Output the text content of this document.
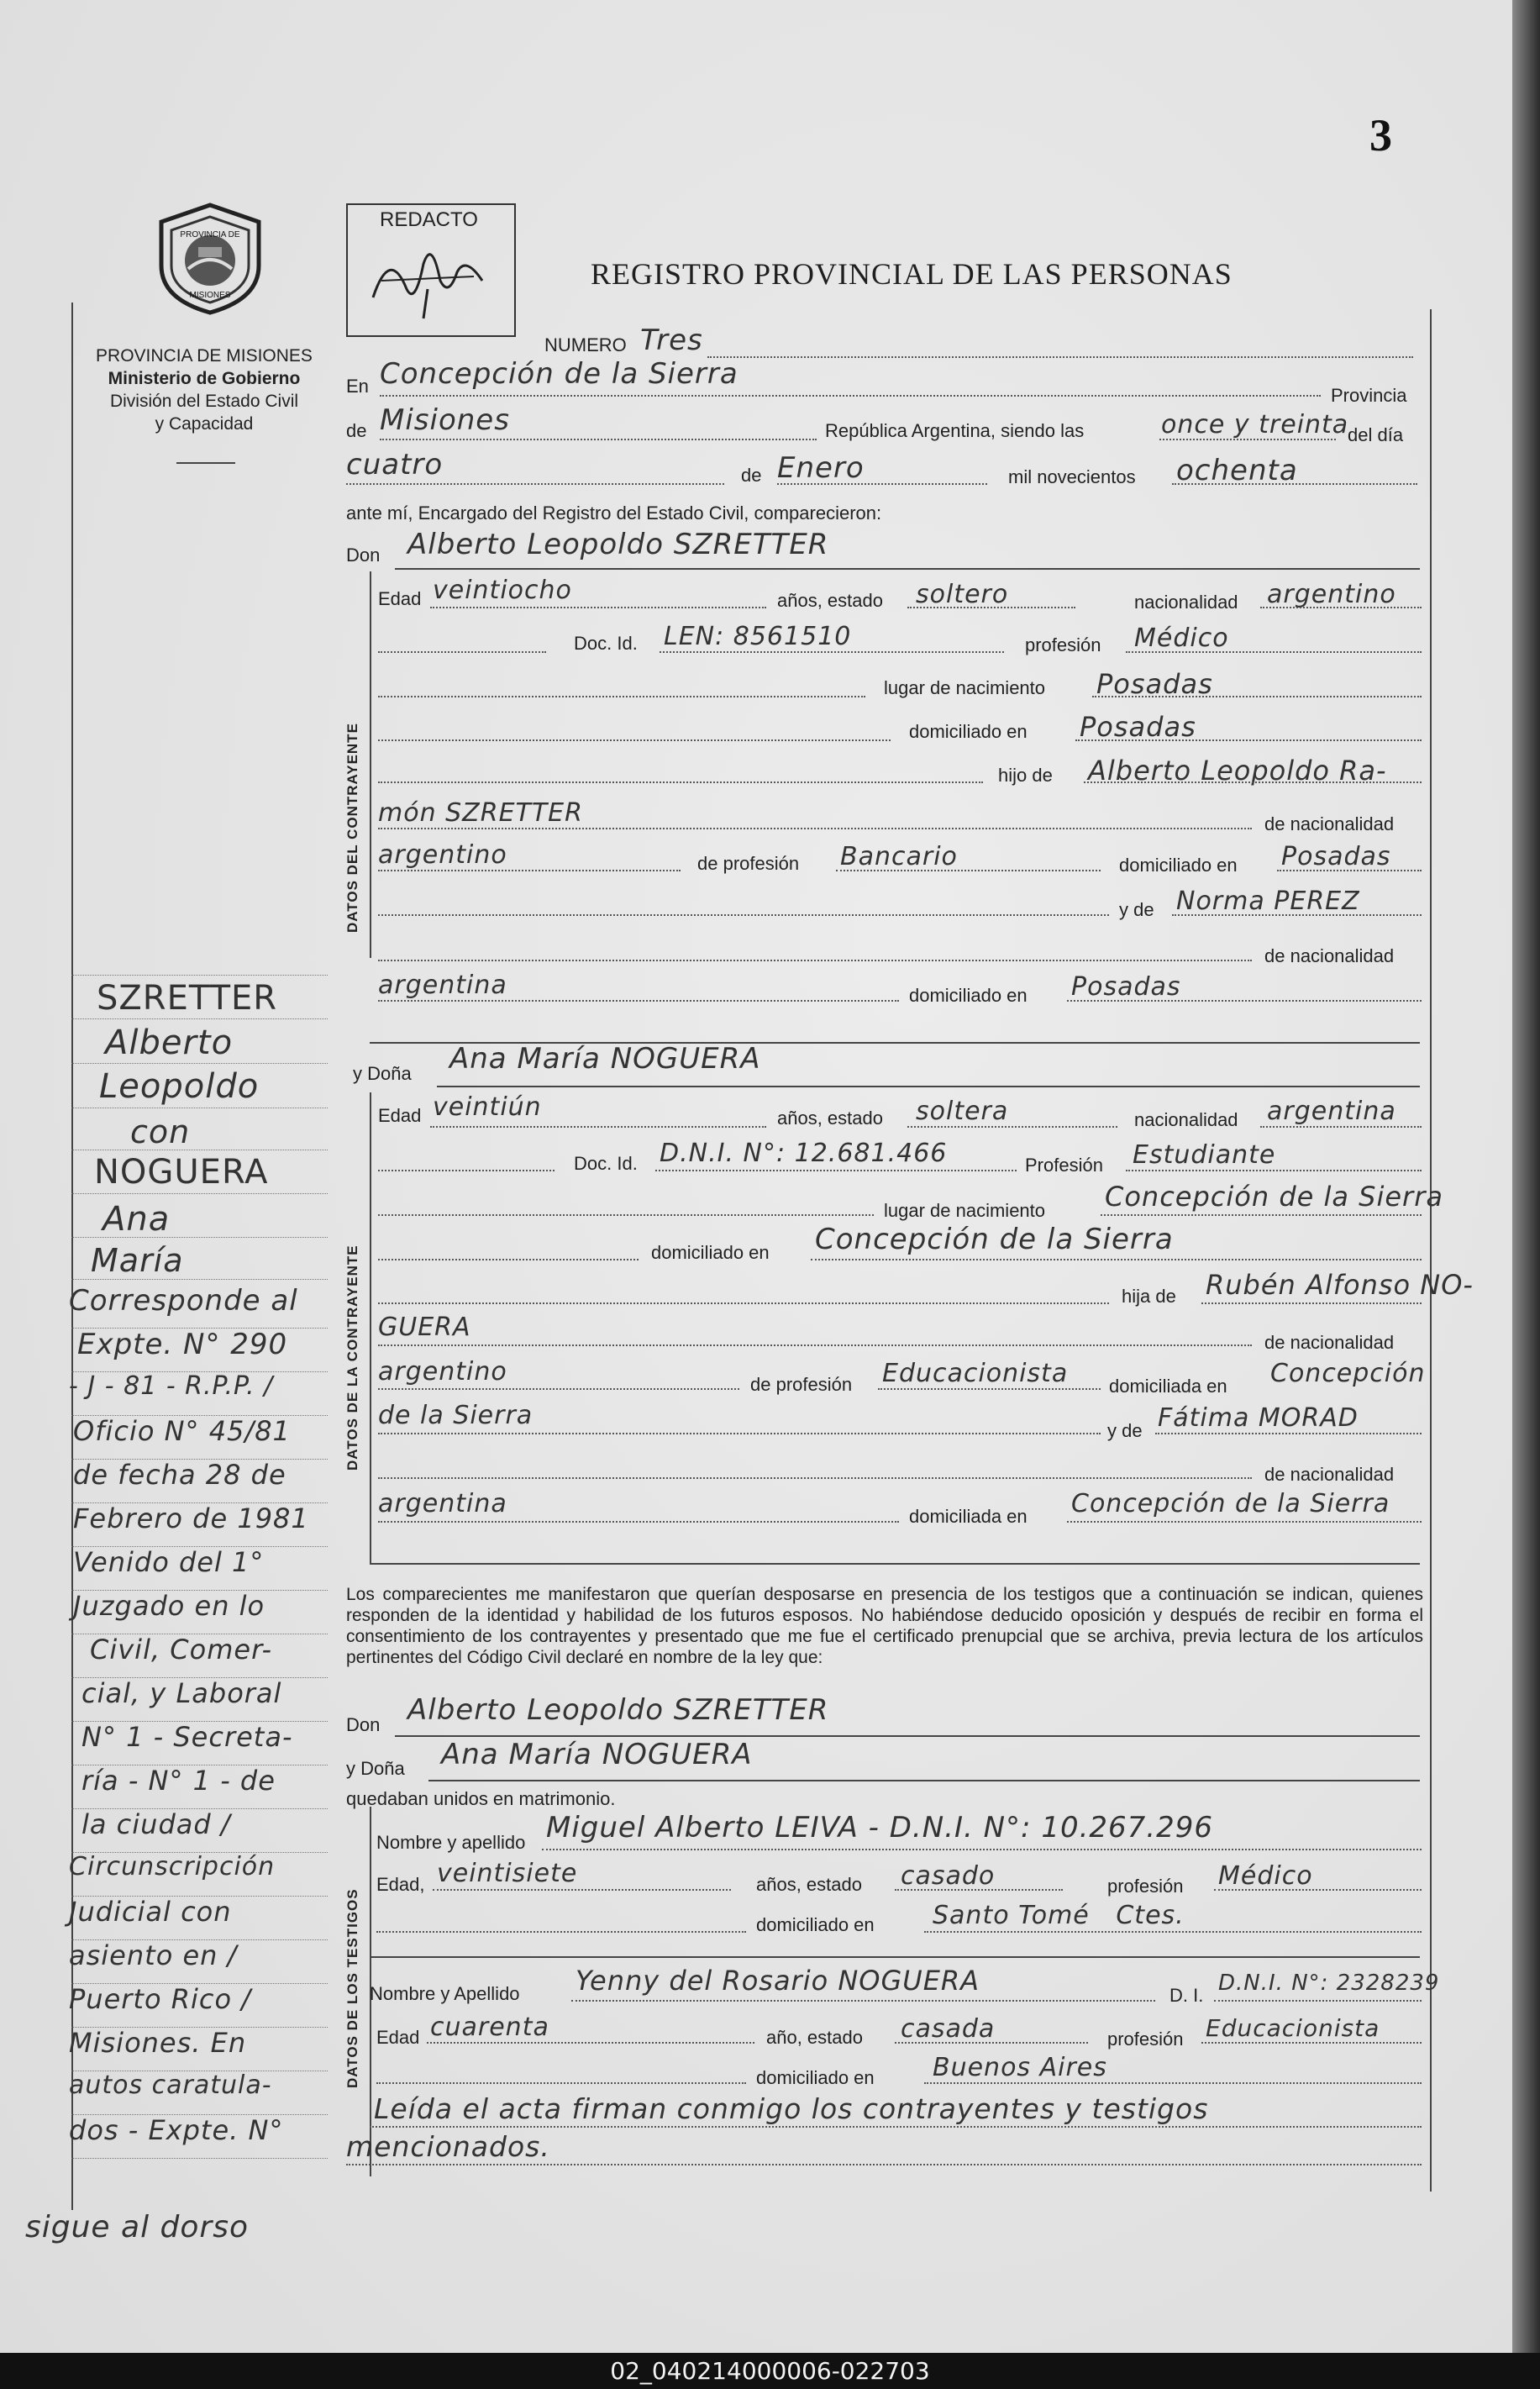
3
PROVINCIA DE
MISIONES
PROVINCIA DE MISIONES
Ministerio de Gobierno
División del Estado Civil
y Capacidad
REDACTO
REGISTRO PROVINCIAL DE LAS PERSONAS
NUMERO Tres
En Concepción de la Sierra
Provincia
de Misiones	República Argentina, siendo las	once y treinta
del día
cuatro	de Enero	mil novecientos ochenta
ante mí, Encargado del Registro del Estado Civil, comparecieron:
Don Alberto Leopoldo SZRETTER
DATOS DEL CONTRAYENTE
Edad veintiocho	años, estado soltero	nacionalidad argentino
Doc. Id. LEN: 8561510	profesión Médico
lugar de nacimiento Posadas
domiciliado en Posadas
hijo de Alberto Leopoldo Ra-
món SZRETTER	de nacionalidad
argentino	de profesión Bancario	domiciliado en Posadas
y de Norma PEREZ
de nacionalidad
argentina	domiciliado en Posadas
y Doña Ana María NOGUERA
DATOS DE LA CONTRAYENTE
Edad veintiún	años, estado soltera	nacionalidad argentina
Doc. Id. D.N.I. N°: 12.681.466	Profesión Estudiante
lugar de nacimiento Concepción de la Sierra
domiciliado en Concepción de la Sierra
hija de Rubén Alfonso NO-
GUERA
de nacionalidad
argentino	de profesión Educacionista domiciliada en Concepción
de la Sierra
y de Fátima MORAD
de nacionalidad
argentina	domiciliada en Concepción de la Sierra
Los comparecientes me manifestaron que querían desposarse en presencia de los testigos que a continuación se indican, quienes responden de la identidad y habilidad de los futuros esposos. No habiéndose deducido oposición y después de recibir en forma el consentimiento de los contrayentes y presentado que me fue el certificado prenupcial que se archiva, previa lectura de los artículos pertinentes del Código Civil declaré en nombre de la ley que:
Don Alberto Leopoldo SZRETTER
y Doña Ana María NOGUERA
quedaban unidos en matrimonio.
DATOS DE LOS TESTIGOS
Nombre y apellido Miguel Alberto LEIVA - D.N.I. N°: 10.267.296
Edad, veintisiete	años, estado casado	profesión Médico
domiciliado en Santo Tomé   Ctes.
Nombre y Apellido Yenny del Rosario NOGUERA	D. I. D.N.I. N°: 2328239
Edad cuarenta	año, estado casada	profesión Educacionista
domiciliado en Buenos Aires
Leída el acta firman conmigo los contrayentes y testigos
mencionados.
SZRETTER
Alberto
Leopoldo
con
NOGUERA
Ana
María
Corresponde al
Expte. N° 290
- J - 81 - R.P.P. /
Oficio N° 45/81
de fecha 28 de
Febrero de 1981
Venido del 1°
Juzgado en lo
Civil, Comer-
cial, y Laboral
N° 1 - Secreta-
ría - N° 1 - de
la ciudad /
Circunscripción
Judicial con
asiento en /
Puerto Rico /
Misiones. En
autos caratula-
dos - Expte. N°
sigue al dorso
02_040214000006-022703
